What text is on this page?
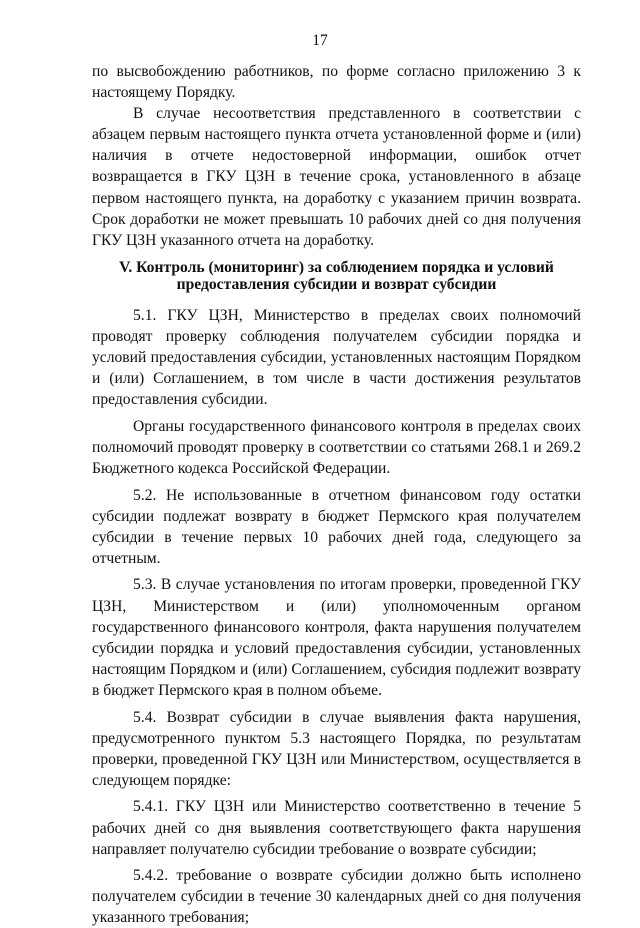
17

по высвобождению работников, по форме согласно приложению 3 к настоящему Порядку.

В случае несоответствия представленного в соответствии с абзацем первым настоящего пункта отчета установленной форме и (или) наличия в отчете недостоверной информации, ошибок отчет возвращается в ГКУ ЦЗН в течение срока, установленного в абзаце первом настоящего пункта, на доработку с указанием причин возврата. Срок доработки не может превышать 10 рабочих дней со дня получения ГКУ ЦЗН указанного отчета на доработку.

V. Контроль (мониторинг) за соблюдением порядка и условий предоставления субсидии и возврат субсидии

5.1. ГКУ ЦЗН, Министерство в пределах своих полномочий проводят проверку соблюдения получателем субсидии порядка и условий предоставления субсидии, установленных настоящим Порядком и (или) Соглашением, в том числе в части достижения результатов предоставления субсидии.

Органы государственного финансового контроля в пределах своих полномочий проводят проверку в соответствии со статьями 268.1 и 269.2 Бюджетного кодекса Российской Федерации.

5.2. Не использованные в отчетном финансовом году остатки субсидии подлежат возврату в бюджет Пермского края получателем субсидии в течение первых 10 рабочих дней года, следующего за отчетным.

5.3. В случае установления по итогам проверки, проведенной ГКУ ЦЗН, Министерством и (или) уполномоченным органом государственного финансового контроля, факта нарушения получателем субсидии порядка и условий предоставления субсидии, установленных настоящим Порядком и (или) Соглашением, субсидия подлежит возврату в бюджет Пермского края в полном объеме.

5.4. Возврат субсидии в случае выявления факта нарушения, предусмотренного пунктом 5.3 настоящего Порядка, по результатам проверки, проведенной ГКУ ЦЗН или Министерством, осуществляется в следующем порядке:

5.4.1. ГКУ ЦЗН или Министерство соответственно в течение 5 рабочих дней со дня выявления соответствующего факта нарушения направляет получателю субсидии требование о возврате субсидии;

5.4.2. требование о возврате субсидии должно быть исполнено получателем субсидии в течение 30 календарных дней со дня получения указанного требования;
